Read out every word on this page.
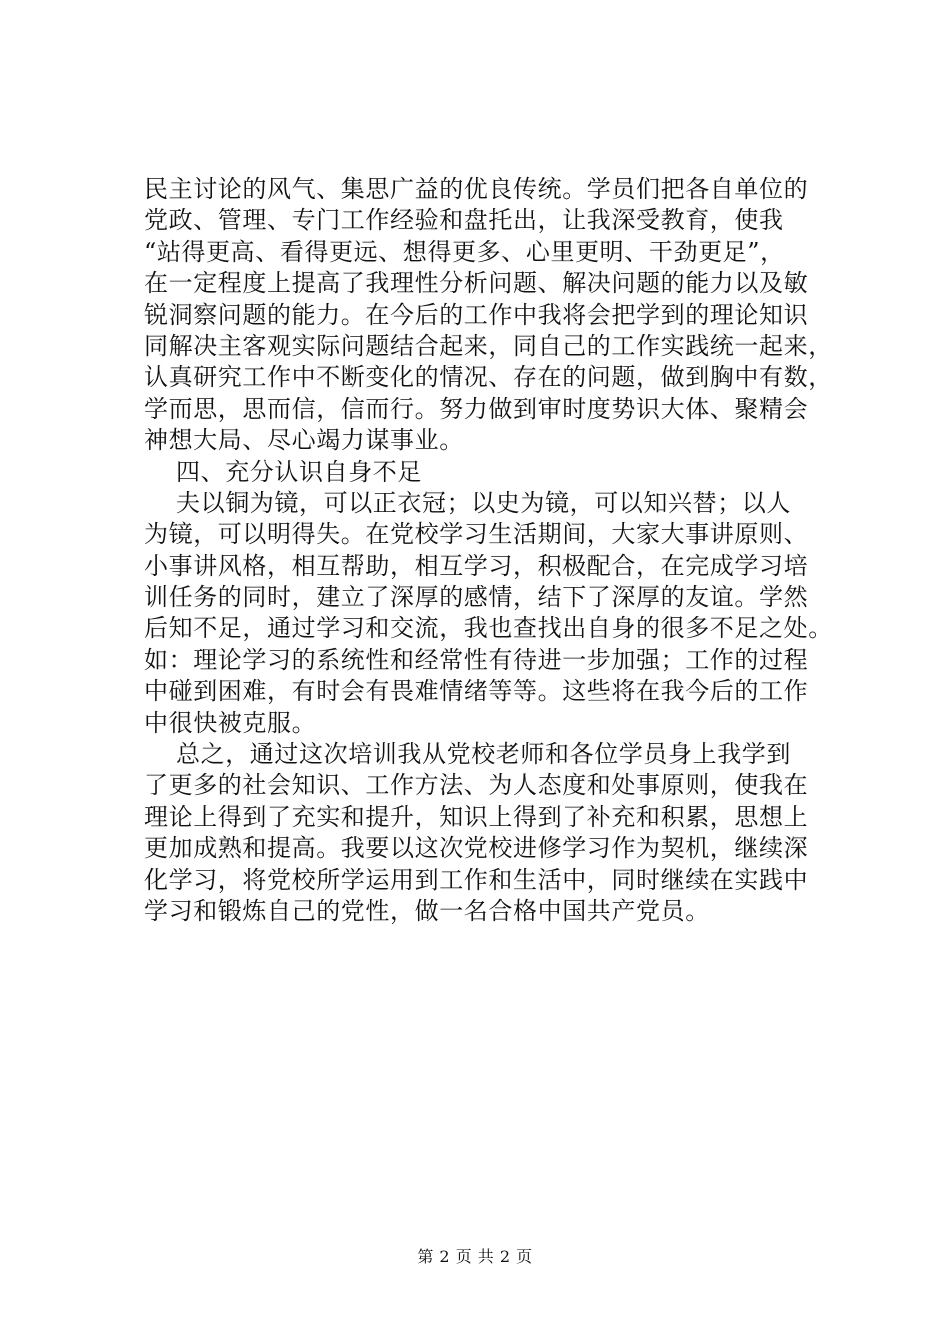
民主讨论的风气、集思广益的优良传统。学员们把各自单位的
党政、管理、专门工作经验和盘托出，让我深受教育，使我
“站得更高、看得更远、想得更多、心里更明、干劲更足”，
在一定程度上提高了我理性分析问题、解决问题的能力以及敏
锐洞察问题的能力。在今后的工作中我将会把学到的理论知识
同解决主客观实际问题结合起来，同自己的工作实践统一起来，
认真研究工作中不断变化的情况、存在的问题，做到胸中有数，
学而思，思而信，信而行。努力做到审时度势识大体、聚精会
神想大局、尽心竭力谋事业。
四、充分认识自身不足
夫以铜为镜，可以正衣冠；以史为镜，可以知兴替；以人
为镜，可以明得失。在党校学习生活期间，大家大事讲原则、
小事讲风格，相互帮助，相互学习，积极配合，在完成学习培
训任务的同时，建立了深厚的感情，结下了深厚的友谊。学然
后知不足，通过学习和交流，我也查找出自身的很多不足之处。
如：理论学习的系统性和经常性有待进一步加强；工作的过程
中碰到困难，有时会有畏难情绪等等。这些将在我今后的工作
中很快被克服。
总之，通过这次培训我从党校老师和各位学员身上我学到
了更多的社会知识、工作方法、为人态度和处事原则，使我在
理论上得到了充实和提升，知识上得到了补充和积累，思想上
更加成熟和提高。我要以这次党校进修学习作为契机，继续深
化学习，将党校所学运用到工作和生活中，同时继续在实践中
学习和锻炼自己的党性，做一名合格中国共产党员。
第 2 页 共 2 页
